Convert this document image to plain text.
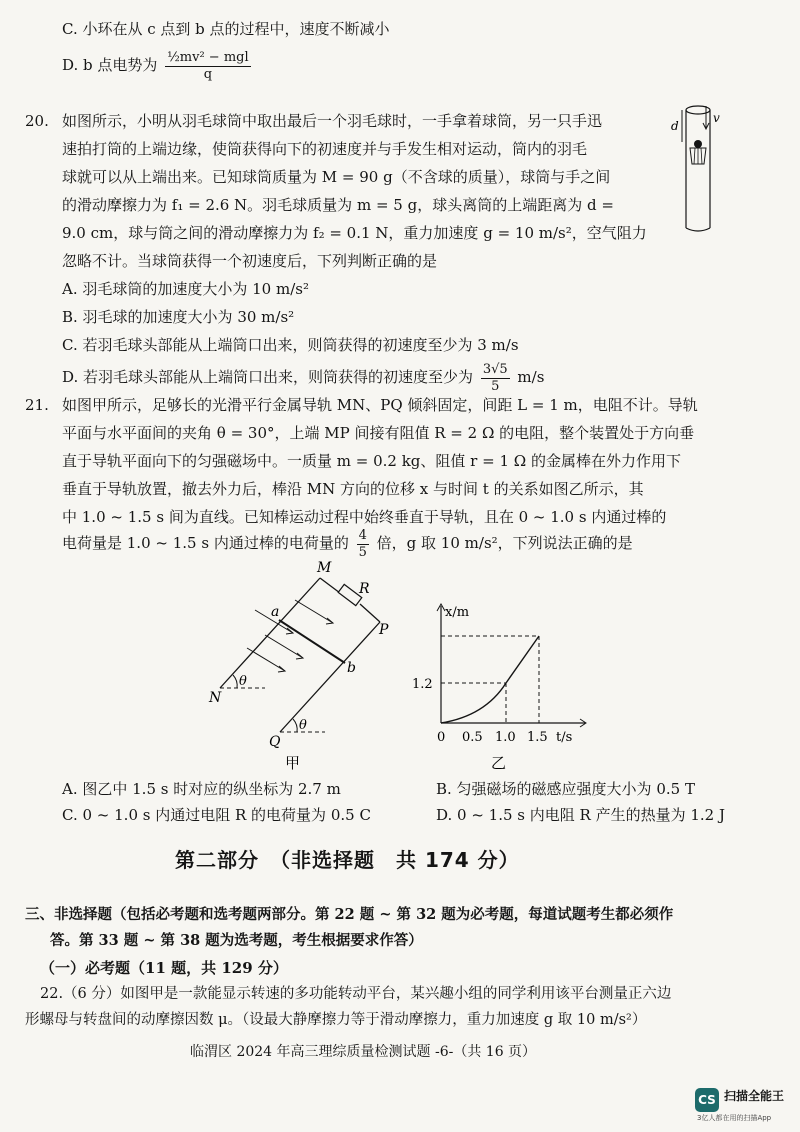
C. 小环在从 c 点到 b 点的过程中，速度不断减小
D. b 点电势为 $\frac{\text{½mv² − mgl}}{q}$
20. 如图所示，小明从羽毛球筒中取出最后一个羽毛球时，一手拿着球筒，另一只手迅
速拍打筒的上端边缘，使筒获得向下的初速度并与手发生相对运动，筒内的羽毛
球就可以从上端出来。已知球筒质量为 M = 90 g（不含球的质量），球筒与手之间
的滑动摩擦力为 f₁ = 2.6 N。羽毛球质量为 m = 5 g，球头离筒的上端距离为 d =
9.0 cm，球与筒之间的滑动摩擦力为 f₂ = 0.1 N，重力加速度 g = 10 m/s²，空气阻力
忽略不计。当球筒获得一个初速度后，下列判断正确的是
A. 羽毛球筒的加速度大小为 10 m/s²
B. 羽毛球的加速度大小为 30 m/s²
C. 若羽毛球头部能从上端筒口出来，则筒获得的初速度至少为 3 m/s
D. 若羽毛球头部能从上端筒口出来，则筒获得的初速度至少为 $\frac{3√5}{5} m/s$
d
v
21. 如图甲所示，足够长的光滑平行金属导轨 MN、PQ 倾斜固定，间距 L = 1 m，电阻不计。导轨
平面与水平面间的夹角 θ = 30°，上端 MP 间接有阻值 R = 2 Ω 的电阻，整个装置处于方向垂
直于导轨平面向下的匀强磁场中。一质量 m = 0.2 kg、阻值 r = 1 Ω 的金属棒在外力作用下
垂直于导轨放置，撤去外力后，棒沿 MN 方向的位移 x 与时间 t 的关系如图乙所示，其
中 1.0 ~ 1.5 s 间为直线。已知棒运动过程中始终垂直于导轨，且在 0 ~ 1.0 s 内通过棒的
电荷量是 1.0 ~ 1.5 s 内通过棒的电荷量的 $\frac{4}{5}$ 倍，g 取 10 m/s²，下列说法正确的是
M
R
P
a
b
N
Q
θ
θ
甲
x/m
t/s
1.2
0 0.5 1.0 1.5
乙
A. 图乙中 1.5 s 时对应的纵坐标为 2.7 m	B. 匀强磁场的磁感应强度大小为 0.5 T
C. 0 ~ 1.0 s 内通过电阻 R 的电荷量为 0.5 C	D. 0 ~ 1.5 s 内电阻 R 产生的热量为 1.2 J
第二部分　（非选择题　共 174 分）
三、非选择题（包括必考题和选考题两部分。第 22 题 ~ 第 32 题为必考题，每道试题考生都必须作
答。第 33 题 ~ 第 38 题为选考题，考生根据要求作答）
（一）必考题（11 题，共 129 分）
22.（6 分）如图甲是一款能显示转速的多功能转动平台，某兴趣小组的同学利用该平台测量正六边
形螺母与转盘间的动摩擦因数 μ。（设最大静摩擦力等于滑动摩擦力，重力加速度 g 取 10 m/s²）
临渭区 2024 年高三理综质量检测试题 -6-（共 16 页）
CS 扫描全能王
3亿人都在用的扫描App
